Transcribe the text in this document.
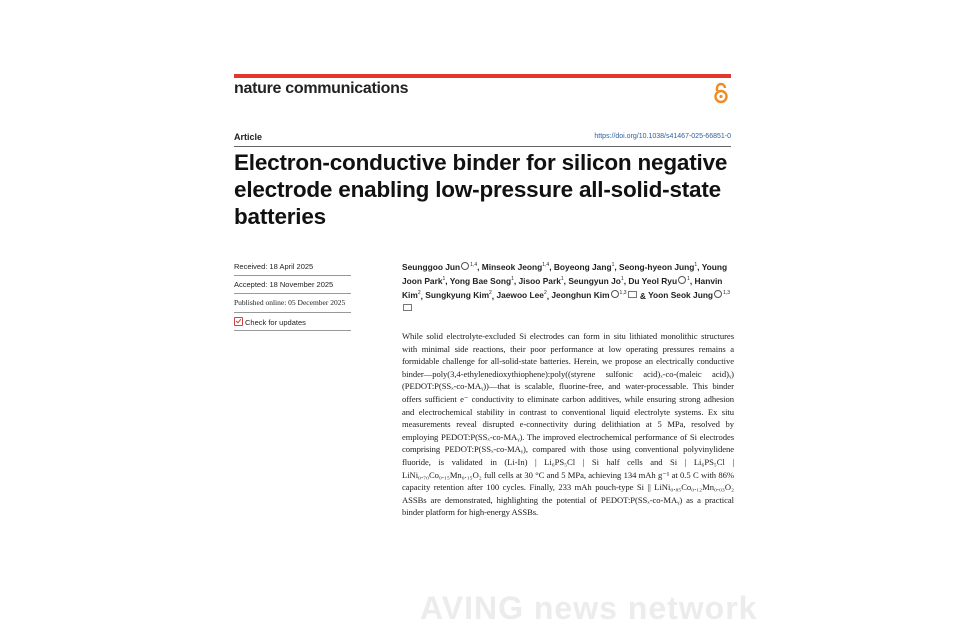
nature communications
Article	https://doi.org/10.1038/s41467-025-66851-0
Electron-conductive binder for silicon negative electrode enabling low-pressure all-solid-state batteries
Received: 18 April 2025
Accepted: 18 November 2025
Published online: 05 December 2025
Check for updates
Seunggoo Jun $^{1,4}$, Minseok Jeong$^{1,4}$, Boyeong Jang$^1$, Seong-hyeon Jung$^1$, Young Joon Park$^1$, Yong Bae Song$^1$, Jisoo Park$^1$, Seungyun Jo$^1$, Du Yeol Ryu $^1$, Hanvin Kim$^2$, Sungkyung Kim$^2$, Jaewoo Lee$^2$, Jeonghun Kim $^{1,3}$ & Yoon Seok Jung $^{1,3}$

While solid electrolyte-excluded Si electrodes can form in situ lithiated monolithic structures with minimal side reactions, their poor performance at low operating pressures remains a formidable challenge for all-solid-state batteries. Herein, we propose an electrically conductive binder—poly(3,4-ethylenedioxythiophene):poly((styrene sulfonic acid)ₓ-co-(maleic acid)ᵧ) (PEDOT:P(SSₓ-co-MAᵧ))—that is scalable, fluorine-free, and water-processable. This binder offers sufficient e⁻ conductivity to eliminate carbon additives, while ensuring strong adhesion and electrochemical stability in contrast to conventional liquid electrolyte systems. Ex situ measurements reveal disrupted e-connectivity during delithiation at 5 MPa, resolved by employing PEDOT:P(SSₓ-co-MAᵧ). The improved electrochemical performance of Si electrodes comprising PEDOT:P(SSₓ-co-MAᵧ), compared with those using conventional polyvinylidene fluoride, is validated in (Li-In) | Li₆PS₅Cl | Si half cells and Si | Li₆PS₅Cl | LiNi₀.₇₀Co₀.₁₅Mn₀.₁₅O₂ full cells at 30 °C and 5 MPa, achieving 134 mAh g⁻¹ at 0.5 C with 86% capacity retention after 100 cycles. Finally, 233 mAh pouch-type Si || LiNi₀.₈₅Co₀.₁₂Mn₀.₀₃O₂ ASSBs are demonstrated, highlighting the potential of PEDOT:P(SSₓ-co-MAᵧ) as a practical binder platform for high-energy ASSBs.

AVING news network
